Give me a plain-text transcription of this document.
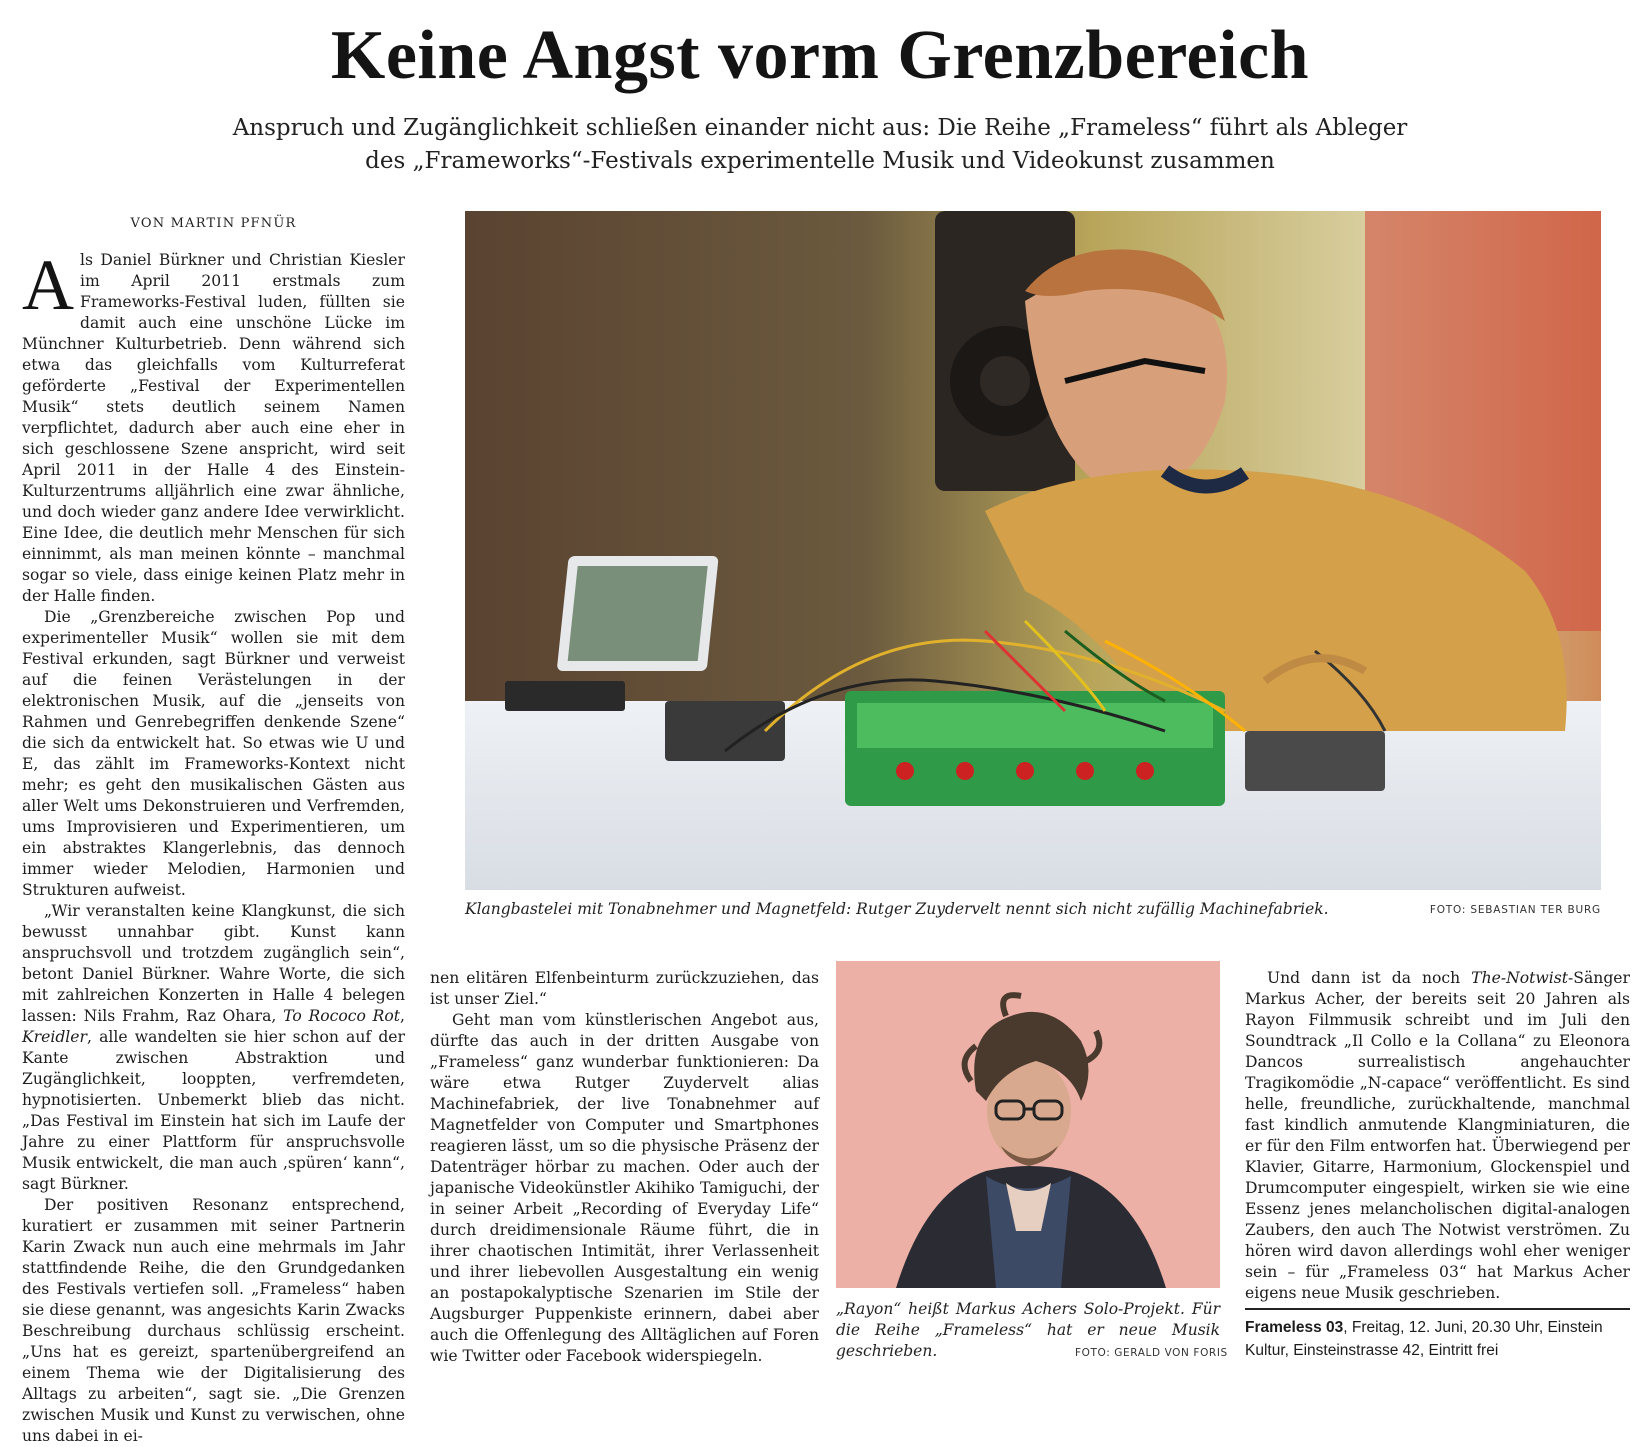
Keine Angst vorm Grenzbereich
Anspruch und Zugänglichkeit schließen einander nicht aus: Die Reihe „Frameless“ führt als Ableger
des „Frameworks“-Festivals experimentelle Musik und Videokunst zusammen
VON MARTIN PFNÜR

Als Daniel Bürkner und Christian Kiesler im April 2011 erstmals zum Frameworks-Festival luden, füllten sie damit auch eine unschöne Lücke im Münchner Kulturbetrieb. Denn während sich etwa das gleichfalls vom Kulturreferat geförderte „Festival der Experimentellen Musik“ stets deutlich seinem Namen verpflichtet, dadurch aber auch eine eher in sich geschlossene Szene anspricht, wird seit April 2011 in der Halle 4 des Einstein-Kulturzentrums alljährlich eine zwar ähnliche, und doch wieder ganz andere Idee verwirklicht. Eine Idee, die deutlich mehr Menschen für sich einnimmt, als man meinen könnte – manchmal sogar so viele, dass einige keinen Platz mehr in der Halle finden.

Die „Grenzbereiche zwischen Pop und experimenteller Musik“ wollen sie mit dem Festival erkunden, sagt Bürkner und verweist auf die feinen Verästelungen in der elektronischen Musik, auf die „jenseits von Rahmen und Genrebegriffen denkende Szene“ die sich da entwickelt hat. So etwas wie U und E, das zählt im Frameworks-Kontext nicht mehr; es geht den musikalischen Gästen aus aller Welt ums Dekonstruieren und Verfremden, ums Improvisieren und Experimentieren, um ein abstraktes Klangerlebnis, das dennoch immer wieder Melodien, Harmonien und Strukturen aufweist.

„Wir veranstalten keine Klangkunst, die sich bewusst unnahbar gibt. Kunst kann anspruchsvoll und trotzdem zugänglich sein“, betont Daniel Bürkner. Wahre Worte, die sich mit zahlreichen Konzerten in Halle 4 belegen lassen: Nils Frahm, Raz Ohara, To Rococo Rot, Kreidler, alle wandelten sie hier schon auf der Kante zwischen Abstraktion und Zugänglichkeit, looppten, verfremdeten, hypnotisierten. Unbemerkt blieb das nicht. „Das Festival im Einstein hat sich im Laufe der Jahre zu einer Plattform für anspruchsvolle Musik entwickelt, die man auch ‚spüren‘ kann“, sagt Bürkner.

Der positiven Resonanz entsprechend, kuratiert er zusammen mit seiner Partnerin Karin Zwack nun auch eine mehrmals im Jahr stattfindende Reihe, die den Grundgedanken des Festivals vertiefen soll. „Frameless“ haben sie diese genannt, was angesichts Karin Zwacks Beschreibung durchaus schlüssig erscheint. „Uns hat es gereizt, spartenübergreifend an einem Thema wie der Digitalisierung des Alltags zu arbeiten“, sagt sie. „Die Grenzen zwischen Musik und Kunst zu verwischen, ohne uns dabei in ei-

Klangbastelei mit Tonabnehmer und Magnetfeld: Rutger Zuydervelt nennt sich nicht zufällig Machinefabriek.	FOTO: SEBASTIAN TER BURG

nen elitären Elfenbeinturm zurückzuziehen, das ist unser Ziel.“

Geht man vom künstlerischen Angebot aus, dürfte das auch in der dritten Ausgabe von „Frameless“ ganz wunderbar funktionieren: Da wäre etwa Rutger Zuydervelt alias Machinefabriek, der live Tonabnehmer auf Magnetfelder von Computer und Smartphones reagieren lässt, um so die physische Präsenz der Datenträger hörbar zu machen. Oder auch der japanische Videokünstler Akihiko Tamiguchi, der in seiner Arbeit „Recording of Everyday Life“ durch dreidimensionale Räume führt, die in ihrer chaotischen Intimität, ihrer Verlassenheit und ihrer liebevollen Ausgestaltung ein wenig an postapokalyptische Szenarien im Stile der Augsburger Puppenkiste erinnern, dabei aber auch die Offenlegung des Alltäglichen auf Foren wie Twitter oder Facebook widerspiegeln.

„Rayon“ heißt Markus Achers Solo-Projekt. Für die Reihe „Frameless“ hat er neue Musik geschrieben.	FOTO: GERALD VON FORIS

Und dann ist da noch The-Notwist-Sänger Markus Acher, der bereits seit 20 Jahren als Rayon Filmmusik schreibt und im Juli den Soundtrack „Il Collo e la Collana“ zu Eleonora Dancos surrealistisch angehauchter Tragikomödie „N-capace“ veröffentlicht. Es sind helle, freundliche, zurückhaltende, manchmal fast kindlich anmutende Klangminiaturen, die er für den Film entworfen hat. Überwiegend per Klavier, Gitarre, Harmonium, Glockenspiel und Drumcomputer eingespielt, wirken sie wie eine Essenz jenes melancholischen digital-analogen Zaubers, den auch The Notwist verströmen. Zu hören wird davon allerdings wohl eher weniger sein – für „Frameless 03“ hat Markus Acher eigens neue Musik geschrieben.

Frameless 03, Freitag, 12. Juni, 20.30 Uhr, Einstein Kultur, Einsteinstrasse 42, Eintritt frei
